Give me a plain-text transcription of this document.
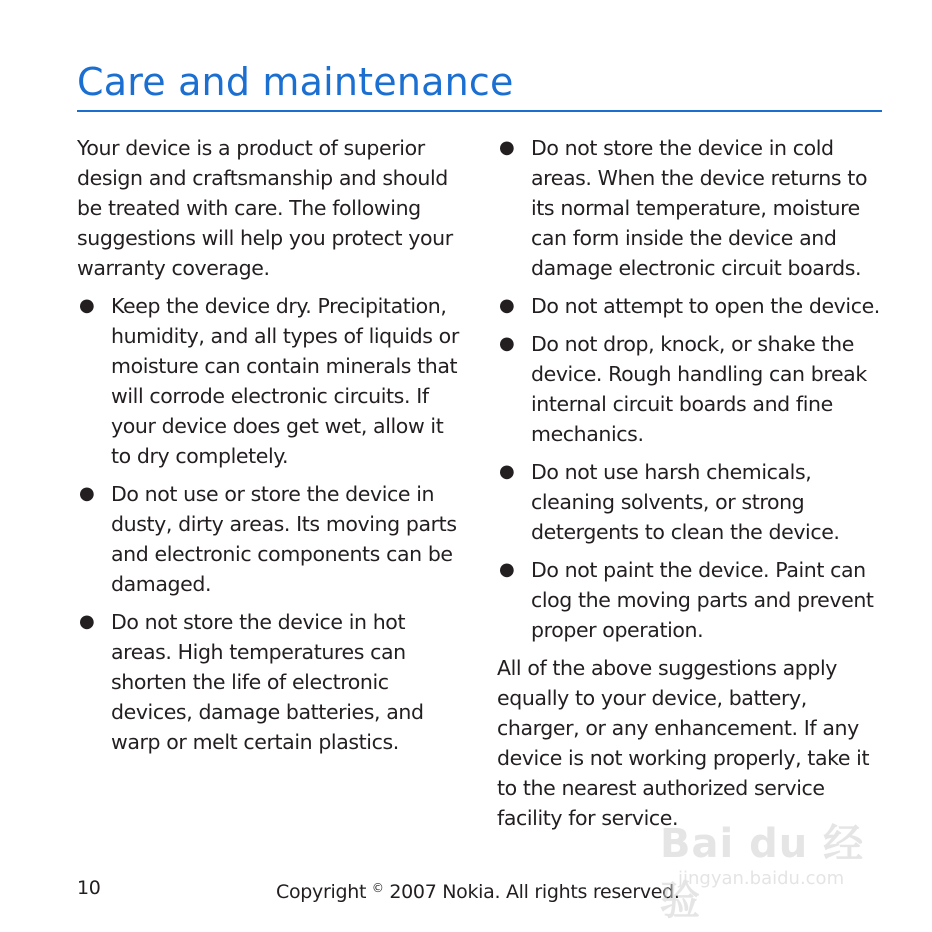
Care and maintenance

Your device is a product of superior design and craftsmanship and should be treated with care. The following suggestions will help you protect your warranty coverage.

● Keep the device dry. Precipitation, humidity, and all types of liquids or moisture can contain minerals that will corrode electronic circuits. If your device does get wet, allow it to dry completely.
● Do not use or store the device in dusty, dirty areas. Its moving parts and electronic components can be damaged.
● Do not store the device in hot areas. High temperatures can shorten the life of electronic devices, damage batteries, and warp or melt certain plastics.
● Do not store the device in cold areas. When the device returns to its normal temperature, moisture can form inside the device and damage electronic circuit boards.
● Do not attempt to open the device.
● Do not drop, knock, or shake the device. Rough handling can break internal circuit boards and fine mechanics.
● Do not use harsh chemicals, cleaning solvents, or strong detergents to clean the device.
● Do not paint the device. Paint can clog the moving parts and prevent proper operation.

All of the above suggestions apply equally to your device, battery, charger, or any enhancement. If any device is not working properly, take it to the nearest authorized service facility for service.

10	Copyright © 2007 Nokia. All rights reserved.
Bai du 经验
jingyan.baidu.com
